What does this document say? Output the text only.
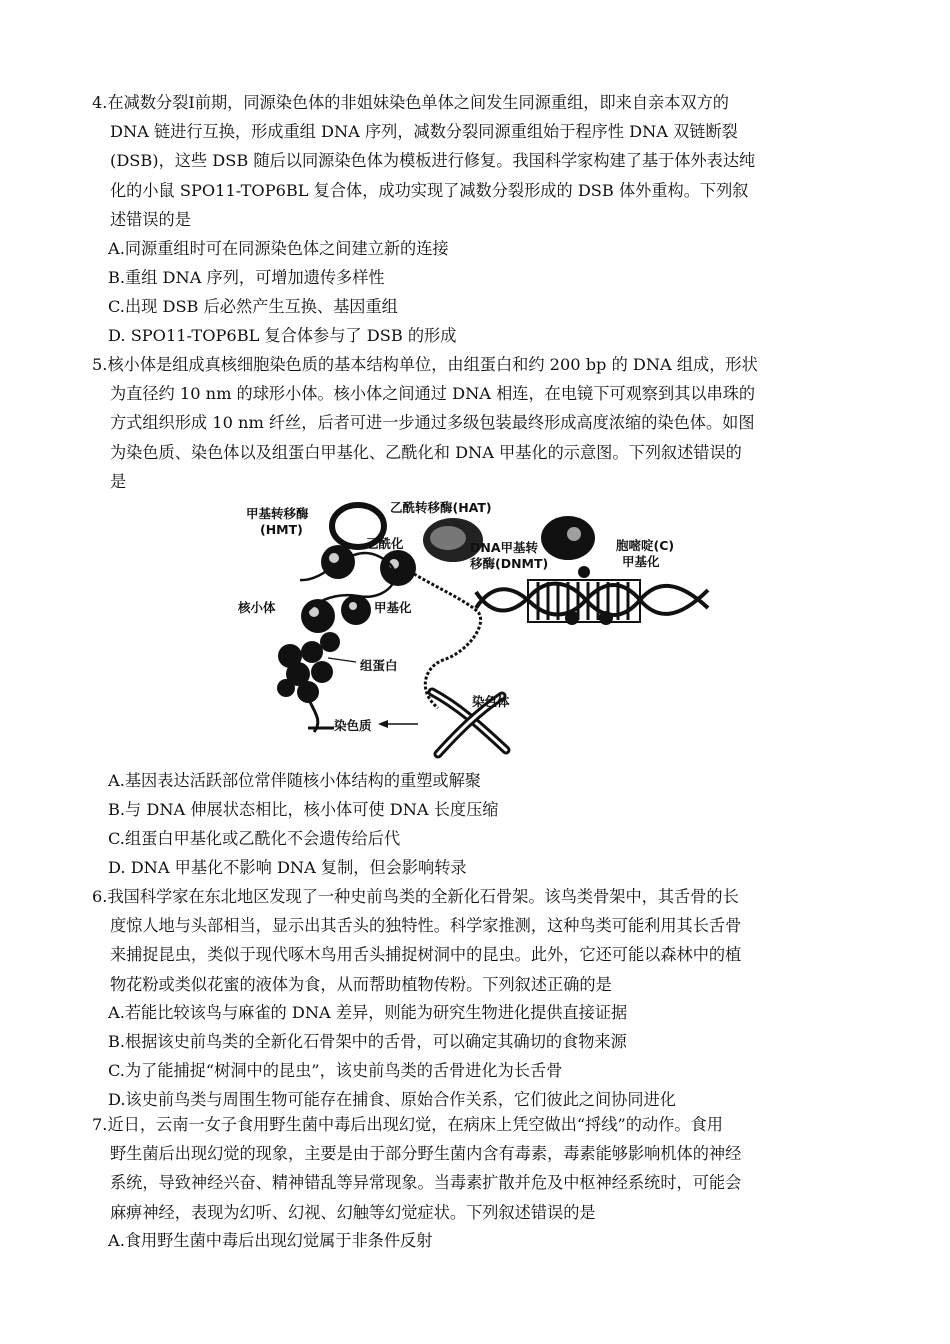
4.在减数分裂Ⅰ前期，同源染色体的非姐妹染色单体之间发生同源重组，即来自亲本双方的

DNA 链进行互换，形成重组 DNA 序列，减数分裂同源重组始于程序性 DNA 双链断裂

(DSB)，这些 DSB 随后以同源染色体为模板进行修复。我国科学家构建了基于体外表达纯

化的小鼠 SPO11-TOP6BL 复合体，成功实现了减数分裂形成的 DSB 体外重构。下列叙

述错误的是

A.同源重组时可在同源染色体之间建立新的连接
B.重组 DNA 序列，可增加遗传多样性
C.出现 DSB 后必然产生互换、基因重组
D. SPO11-TOP6BL 复合体参与了 DSB 的形成

5.核小体是组成真核细胞染色质的基本结构单位，由组蛋白和约 200 bp 的 DNA 组成，形状

为直径约 10 nm 的球形小体。核小体之间通过 DNA 相连，在电镜下可观察到其以串珠的

方式组织形成 10 nm 纤丝，后者可进一步通过多级包装最终形成高度浓缩的染色体。如图

为染色质、染色体以及组蛋白甲基化、乙酰化和 DNA 甲基化的示意图。下列叙述错误的

是

甲基转移酶
(HMT)
乙酰转移酶(HAT)
乙酰化	DNA甲基转
移酶(DNMT)
胞嘧啶(C)
甲基化
核小体	甲基化
组蛋白
染色体
染色质
A.基因表达活跃部位常伴随核小体结构的重塑或解聚
B.与 DNA 伸展状态相比，核小体可使 DNA 长度压缩
C.组蛋白甲基化或乙酰化不会遗传给后代
D. DNA 甲基化不影响 DNA 复制，但会影响转录

6.我国科学家在东北地区发现了一种史前鸟类的全新化石骨架。该鸟类骨架中，其舌骨的长

度惊人地与头部相当，显示出其舌头的独特性。科学家推测，这种鸟类可能利用其长舌骨

来捕捉昆虫，类似于现代啄木鸟用舌头捕捉树洞中的昆虫。此外，它还可能以森林中的植

物花粉或类似花蜜的液体为食，从而帮助植物传粉。下列叙述正确的是

A.若能比较该鸟与麻雀的 DNA 差异，则能为研究生物进化提供直接证据
B.根据该史前鸟类的全新化石骨架中的舌骨，可以确定其确切的食物来源
C.为了能捕捉“树洞中的昆虫”，该史前鸟类的舌骨进化为长舌骨
D.该史前鸟类与周围生物可能存在捕食、原始合作关系，它们彼此之间协同进化

7.近日，云南一女子食用野生菌中毒后出现幻觉，在病床上凭空做出“捋线”的动作。食用

野生菌后出现幻觉的现象，主要是由于部分野生菌内含有毒素，毒素能够影响机体的神经

系统，导致神经兴奋、精神错乱等异常现象。当毒素扩散并危及中枢神经系统时，可能会

麻痹神经，表现为幻听、幻视、幻触等幻觉症状。下列叙述错误的是

A.食用野生菌中毒后出现幻觉属于非条件反射
